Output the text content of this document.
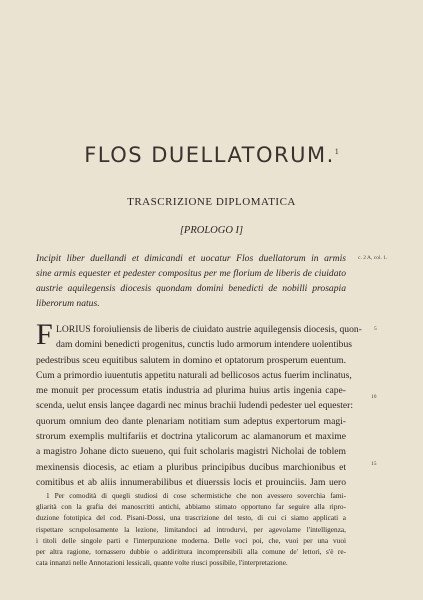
FLOS DUELLATORUM.$^1$
TRASCRIZIONE DIPLOMATICA
[PROLOGO I]
Incipit liber duellandi et dimicandi et uocatur Flos duellatorum in armis
sine armis equester et pedester compositus per me florium de liberis de ciuidato
austrie aquilegensis diocesis quondam domini benedicti de nobilli prosapia
liberorum natus.
c. 2 A, col. 1.
F LORIUS foroiuliensis de liberis de ciuidato austrie aquilegensis diocesis, quon-
dam domini benedicti progenitus, cunctis ludo armorum intendere uolentibus
pedestribus sceu equitibus salutem in domino et optatorum prosperum euentum.
Cum a primordio iuuentutis appetitu naturali ad bellicosos actus fuerim inclinatus,
me monuit per processum etatis industria ad plurima huius artis ingenia cape-
scenda, uelut ensis lançee dagardi nec minus brachii ludendi pedester uel equester:
quorum omnium deo dante plenariam notitiam sum adeptus expertorum magi-
strorum exemplis multifariis et doctrina ytalicorum ac alamanorum et maxime
a magistro Johane dicto sueueno, qui fuit scholaris magistri Nicholai de toblem
mexinensis diocesis, ac etiam a pluribus principibus ducibus marchionibus et
comitibus et ab aliis innumerabilibus et diuerssis locis et prouinciis. Jam uero
5
10
15
1 Per comodità di quegli studiosi di cose schermistiche che non avessero soverchia fami-
gliarità con la grafia dei manoscritti antichi, abbiamo stimato opportuno far seguire alla ripro-
duzione fototipica del cod. Pisani-Dossi, una trascrizione del testo, di cui ci siamo applicati a
rispettare scrupolosamente la lezione, limitandoci ad introdurvi, per agevolarne l'intelligenza,
i titoli delle singole parti e l'interpunzione moderna. Delle voci poi, che, vuoi per una vuoi
per altra ragione, tornassero dubbie o addirittura incomprensibili alla comune de' lettori, s'è re-
cata innanzi nelle Annotazioni lessicali, quante volte riusci possibile, l'interpretazione.
